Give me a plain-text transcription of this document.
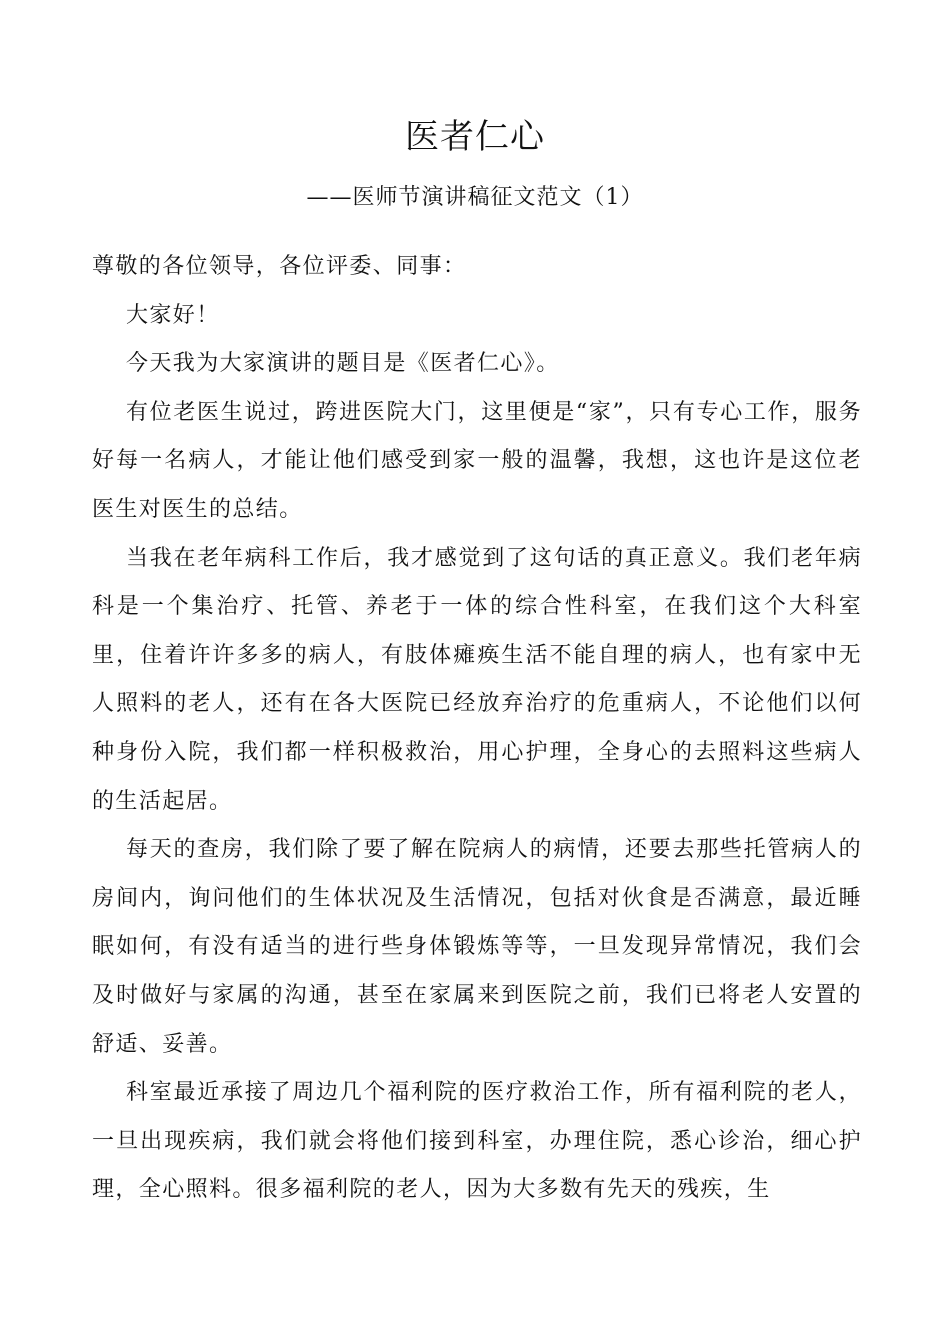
医者仁心
——医师节演讲稿征文范文（1）

尊敬的各位领导，各位评委、同事：

大家好！

今天我为大家演讲的题目是《医者仁心》。

有位老医生说过，跨进医院大门，这里便是“家”，只有专心工作，服务好每一名病人，才能让他们感受到家一般的温馨，我想，这也许是这位老医生对医生的总结。

当我在老年病科工作后，我才感觉到了这句话的真正意义。我们老年病科是一个集治疗、托管、养老于一体的综合性科室，在我们这个大科室里，住着许许多多的病人，有肢体瘫痪生活不能自理的病人，也有家中无人照料的老人，还有在各大医院已经放弃治疗的危重病人，不论他们以何种身份入院，我们都一样积极救治，用心护理，全身心的去照料这些病人的生活起居。

每天的查房，我们除了要了解在院病人的病情，还要去那些托管病人的房间内，询问他们的生体状况及生活情况，包括对伙食是否满意，最近睡眠如何，有没有适当的进行些身体锻炼等等，一旦发现异常情况，我们会及时做好与家属的沟通，甚至在家属来到医院之前，我们已将老人安置的舒适、妥善。

科室最近承接了周边几个福利院的医疗救治工作，所有福利院的老人，一旦出现疾病，我们就会将他们接到科室，办理住院，悉心诊治，细心护理，全心照料。很多福利院的老人，因为大多数有先天的残疾，生
